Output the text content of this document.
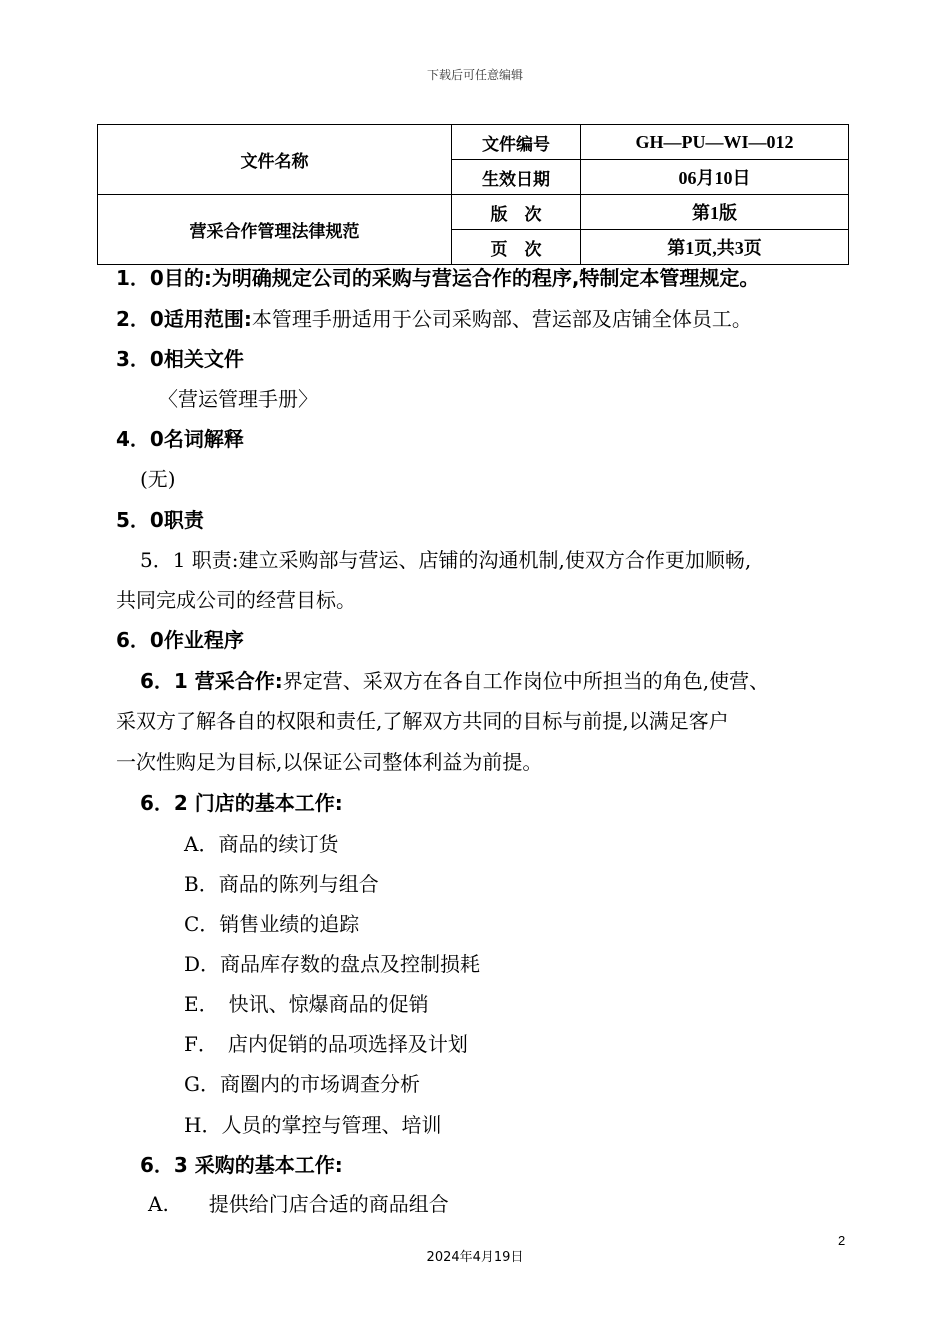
下载后可任意编辑
文件名称	文件编号	GH—PU—WI—012
	生效日期	06月10日
营采合作管理法律规范	版　次	第1版
	页　次	第1页,共3页
1．0目的:为明确规定公司的采购与营运合作的程序,特制定本管理规定。
2．0适用范围:本管理手册适用于公司采购部、营运部及店铺全体员工。
3．0相关文件
〈营运管理手册〉
4．0名词解释
(无)
5．0职责
5．1 职责:建立采购部与营运、店铺的沟通机制,使双方合作更加顺畅,
共同完成公司的经营目标。
6．0作业程序
6．1 营采合作:界定营、采双方在各自工作岗位中所担当的角色,使营、
采双方了解各自的权限和责任,了解双方共同的目标与前提,以满足客户
一次性购足为目标,以保证公司整体利益为前提。
6．2 门店的基本工作:
A．商品的续订货
B．商品的陈列与组合
C．销售业绩的追踪
D．商品库存数的盘点及控制损耗
E．　快讯、惊爆商品的促销
F．　店内促销的品项选择及计划
G．商圈内的市场调查分析
H．人员的掌控与管理、培训
6．3 采购的基本工作:
A.　　提供给门店合适的商品组合
2
2024年4月19日
